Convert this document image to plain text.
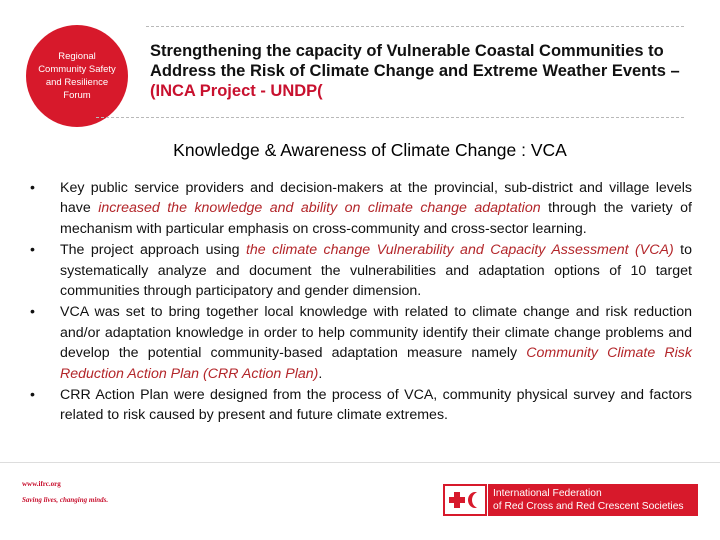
Regional
Community Safety
and Resilience
Forum
Strengthening the capacity of Vulnerable Coastal Communities to Address the Risk of Climate Change and Extreme Weather Events – (INCA Project - UNDP(
Knowledge & Awareness of Climate Change : VCA
• Key public service providers and decision-makers at the provincial, sub-district and village levels have increased the knowledge and ability on climate change adaptation through the variety of mechanism with particular emphasis on cross-community and cross-sector learning.
• The project approach using the climate change Vulnerability and Capacity Assessment (VCA) to systematically analyze and document the vulnerabilities and adaptation options of 10 target communities through participatory and gender dimension.
• VCA was set to bring together local knowledge with related to climate change and risk reduction and/or adaptation knowledge in order to help community identify their climate change problems and develop the potential community-based adaptation measure namely Community Climate Risk Reduction Action Plan (CRR Action Plan).
• CRR Action Plan were designed from the process of VCA, community physical survey and factors related to risk caused by present and future climate extremes.
www.ifrc.org
Saving lives, changing minds.
International Federation
of Red Cross and Red Crescent Societies
